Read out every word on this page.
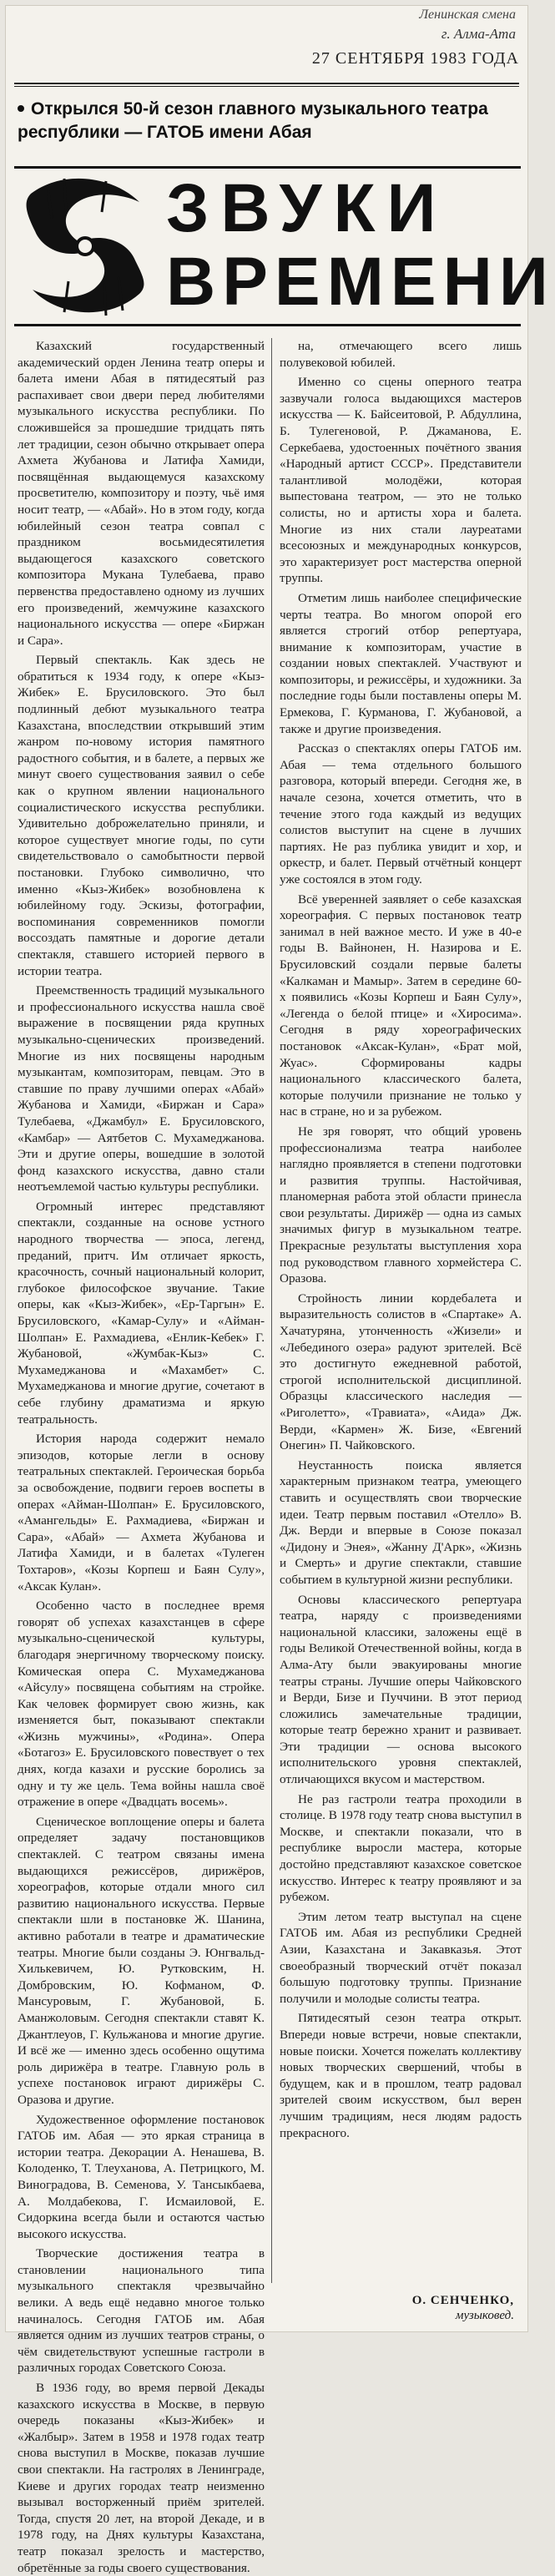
Ленинская смена
г. Алма-Ата
27 СЕНТЯБРЯ 1983 ГОДА
Открылся 50-й сезон главного музыкального театра республики — ГАТОБ имени Абая
ЗВУКИ
ВРЕМЕНИ

Казахский государственный академический орден Ленина театр оперы и балета имени Абая в пятидесятый раз распахивает свои двери перед любителями музыкального искусства республики. По сложившейся за прошедшие тридцать пять лет традиции, сезон обычно открывает опера Ахмета Жубанова и Латифа Хамиди, посвящённая выдающемуся казахскому просветителю, композитору и поэту, чьё имя носит театр, — «Абай». Но в этом году, когда юбилейный сезон театра совпал с праздником восьмидесятилетия выдающегося казахского советского композитора Мукана Тулебаева, право первенства предоставлено одному из лучших его произведений, жемчужине казахского национального искусства — опере «Биржан и Сара».

Первый спектакль. Как здесь не обратиться к 1934 году, к опере «Кыз-Жибек» Е. Брусиловского. Это был подлинный дебют музыкального театра Казахстана, впоследствии открывший этим жанром по-новому история памятного радостного события, и в балете, а первых же минут своего существования заявил о себе как о крупном явлении национального социалистического искусства республики. Удивительно доброжелательно приняли, и которое существует многие годы, по сути свидетельствовало о самобытности первой постановки. Глубоко символично, что именно «Кыз-Жибек» возобновлена к юбилейному году. Эскизы, фотографии, воспоминания современников помогли воссоздать памятные и дорогие детали спектакля, ставшего историей первого в истории театра.

Преемственность традиций музыкального и профессионального искусства нашла своё выражение в посвящении ряда крупных музыкально-сценических произведений. Многие из них посвящены народным музыкантам, композиторам, певцам. Это в ставшие по праву лучшими операх «Абай» Жубанова и Хамиди, «Биржан и Сара» Тулебаева, «Джамбул» Е. Брусиловского, «Камбар» — Аятбетов С. Мухамеджанова. Эти и другие оперы, вошедшие в золотой фонд казахского искусства, давно стали неотъемлемой частью культуры республики.

Огромный интерес представляют спектакли, созданные на основе устного народного творчества — эпоса, легенд, преданий, притч. Им отличает яркость, красочность, сочный национальный колорит, глубокое философское звучание. Такие оперы, как «Кыз-Жибек», «Ер-Таргын» Е. Брусиловского, «Камар-Сулу» и «Айман-Шолпан» Е. Рахмадиева, «Енлик-Кебек» Г. Жубановой, «Жумбак-Кыз» С. Мухамеджанова и «Махамбет» С. Мухамеджанова и многие другие, сочетают в себе глубину драматизма и яркую театральность.

История народа содержит немало эпизодов, которые легли в основу театральных спектаклей. Героическая борьба за освобождение, подвиги героев воспеты в операх «Айман-Шолпан» Е. Брусиловского, «Амангельды» Е. Рахмадиева, «Биржан и Сара», «Абай» — Ахмета Жубанова и Латифа Хамиди, и в балетах «Тулеген Тохтаров», «Козы Корпеш и Баян Сулу», «Аксак Кулан».

Особенно часто в последнее время говорят об успехах казахстанцев в сфере музыкально-сценической культуры, благодаря энергичному творческому поиску. Комическая опера С. Мухамеджанова «Айсулу» посвящена событиям на стройке. Как человек формирует свою жизнь, как изменяется быт, показывают спектакли «Жизнь мужчины», «Родина». Опера «Ботагоз» Е. Брусиловского повествует о тех днях, когда казахи и русские боролись за одну и ту же цель. Тема войны нашла своё отражение в опере «Двадцать восемь».

Сценическое воплощение оперы и балета определяет задачу постановщиков спектаклей. С театром связаны имена выдающихся режиссёров, дирижёров, хореографов, которые отдали много сил развитию национального искусства. Первые спектакли шли в постановке Ж. Шанина, активно работали в театре и драматические театры. Многие были созданы Э. Юнгвальд-Хилькевичем, Ю. Рутковским, Н. Домбровским, Ю. Кофманом, Ф. Мансуровым, Г. Жубановой, Б. Аманжоловым. Сегодня спектакли ставят К. Джантлеуов, Г. Кульжанова и многие другие. И всё же — именно здесь особенно ощутима роль дирижёра в театре. Главную роль в успехе постановок играют дирижёры С. Оразова и другие.

Художественное оформление постановок ГАТОБ им. Абая — это яркая страница в истории театра. Декорации А. Ненашева, В. Колоденко, Т. Тлеуханова, А. Петрицкого, М. Виноградова, В. Семенова, У. Тансыкбаева, А. Молдабекова, Г. Исмаиловой, Е. Сидоркина всегда были и остаются частью высокого искусства.

Творческие достижения театра в становлении национального типа музыкального спектакля чрезвычайно велики. А ведь ещё недавно многое только начиналось. Сегодня ГАТОБ им. Абая является одним из лучших театров страны, о чём свидетельствуют успешные гастроли в различных городах Советского Союза.

В 1936 году, во время первой Декады казахского искусства в Москве, в первую очередь показаны «Кыз-Жибек» и «Жалбыр». Затем в 1958 и 1978 годах театр снова выступил в Москве, показав лучшие свои спектакли. На гастролях в Ленинграде, Киеве и других городах театр неизменно вызывал восторженный приём зрителей. Тогда, спустя 20 лет, на второй Декаде, и в 1978 году, на Днях культуры Казахстана, театр показал зрелость и мастерство, обретённые за годы своего существования.

на, отмечающего всего лишь полувековой юбилей.

Именно со сцены оперного театра зазвучали голоса выдающихся мастеров искусства — К. Байсеитовой, Р. Абдуллина, Б. Тулегеновой, Р. Джаманова, Е. Серкебаева, удостоенных почётного звания «Народный артист СССР». Представители талантливой молодёжи, которая выпестована театром, — это не только солисты, но и артисты хора и балета. Многие из них стали лауреатами всесоюзных и международных конкурсов, это характеризует рост мастерства оперной труппы.

Отметим лишь наиболее специфические черты театра. Во многом опорой его является строгий отбор репертуара, внимание к композиторам, участие в создании новых спектаклей. Участвуют и композиторы, и режиссёры, и художники. За последние годы были поставлены оперы М. Ермекова, Г. Курманова, Г. Жубановой, а также и другие произведения.

Рассказ о спектаклях оперы ГАТОБ им. Абая — тема отдельного большого разговора, который впереди. Сегодня же, в начале сезона, хочется отметить, что в течение этого года каждый из ведущих солистов выступит на сцене в лучших партиях. Не раз публика увидит и хор, и оркестр, и балет. Первый отчётный концерт уже состоялся в этом году.

Всё уверенней заявляет о себе казахская хореография. С первых постановок театр занимал в ней важное место. И уже в 40-е годы В. Вайнонен, Н. Назирова и Е. Брусиловский создали первые балеты «Калкаман и Мамыр». Затем в середине 60-х появились «Козы Корпеш и Баян Сулу», «Легенда о белой птице» и «Хиросима». Сегодня в ряду хореографических постановок «Аксак-Кулан», «Брат мой, Жуас». Сформированы кадры национального классического балета, которые получили признание не только у нас в стране, но и за рубежом.

Не зря говорят, что общий уровень профессионализма театра наиболее наглядно проявляется в степени подготовки и развития труппы. Настойчивая, планомерная работа этой области принесла свои результаты. Дирижёр — одна из самых значимых фигур в музыкальном театре. Прекрасные результаты выступления хора под руководством главного хормейстера С. Оразова.

Стройность линии кордебалета и выразительность солистов в «Спартаке» А. Хачатуряна, утонченность «Жизели» и «Лебединого озера» радуют зрителей. Всё это достигнуто ежедневной работой, строгой исполнительской дисциплиной. Образцы классического наследия — «Риголетто», «Травиата», «Аида» Дж. Верди, «Кармен» Ж. Бизе, «Евгений Онегин» П. Чайковского.

Неустанность поиска является характерным признаком театра, умеющего ставить и осуществлять свои творческие идеи. Театр первым поставил «Отелло» В. Дж. Верди и впервые в Союзе показал «Дидону и Энея», «Жанну Д'Арк», «Жизнь и Смерть» и другие спектакли, ставшие событием в культурной жизни республики.

Основы классического репертуара театра, наряду с произведениями национальной классики, заложены ещё в годы Великой Отечественной войны, когда в Алма-Ату были эвакуированы многие театры страны. Лучшие оперы Чайковского и Верди, Бизе и Пуччини. В этот период сложились замечательные традиции, которые театр бережно хранит и развивает. Эти традиции — основа высокого исполнительского уровня спектаклей, отличающихся вкусом и мастерством.

Не раз гастроли театра проходили в столице. В 1978 году театр снова выступил в Москве, и спектакли показали, что в республике выросли мастера, которые достойно представляют казахское советское искусство. Интерес к театру проявляют и за рубежом.

Этим летом театр выступал на сцене ГАТОБ им. Абая из республики Средней Азии, Казахстана и Закавказья. Этот своеобразный творческий отчёт показал большую подготовку труппы. Признание получили и молодые солисты театра.

Пятидесятый сезон театра открыт. Впереди новые встречи, новые спектакли, новые поиски. Хочется пожелать коллективу новых творческих свершений, чтобы в будущем, как и в прошлом, театр радовал зрителей своим искусством, был верен лучшим традициям, неся людям радость прекрасного.

О. СЕНЧЕНКО,
музыковед.
